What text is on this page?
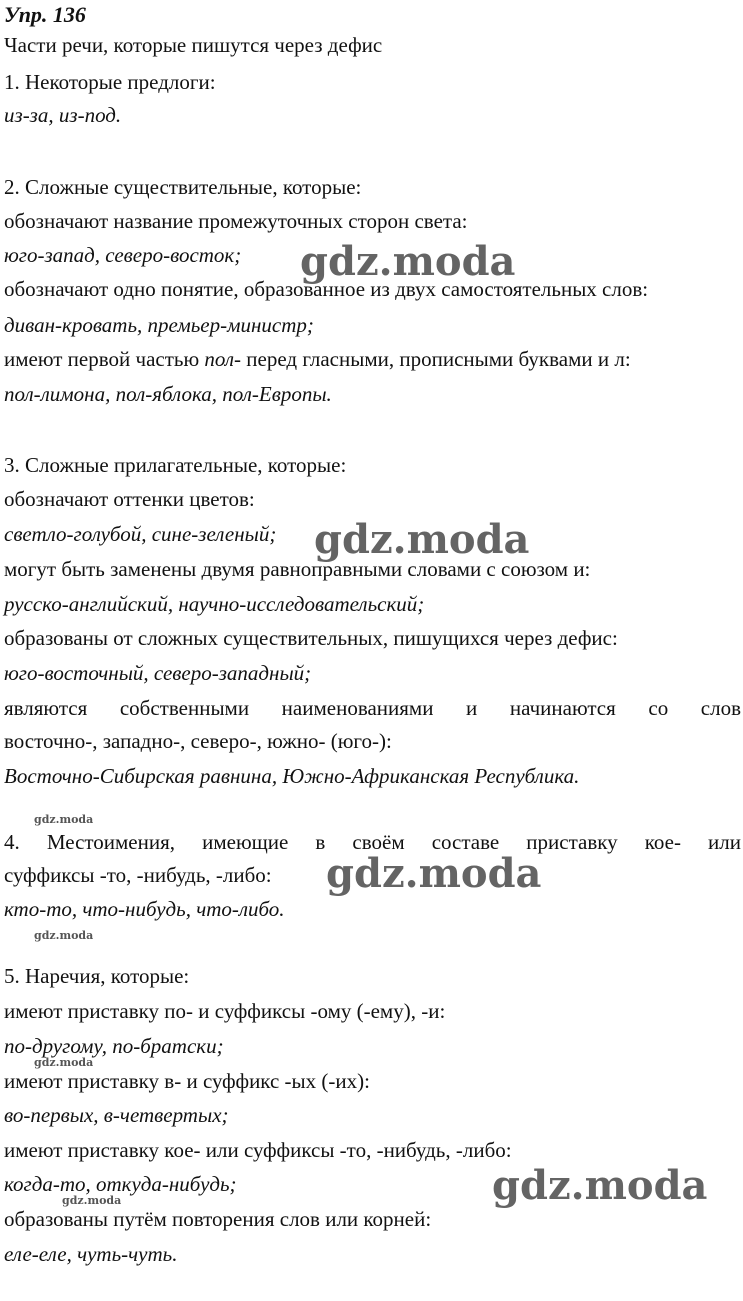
Упр. 136
Части речи, которые пишутся через дефис
1. Некоторые предлоги:
из-за, из-под.
2. Сложные существительные, которые:
обозначают название промежуточных сторон света:
юго-запад, северо-восток;
обозначают одно понятие, образованное из двух самостоятельных слов:
диван-кровать, премьер-министр;
имеют первой частью пол- перед гласными, прописными буквами и л:
пол-лимона, пол-яблока, пол-Европы.
3. Сложные прилагательные, которые:
обозначают оттенки цветов:
светло-голубой, сине-зеленый;
могут быть заменены двумя равноправными словами с союзом и:
русско-английский, научно-исследовательский;
образованы от сложных существительных, пишущихся через дефис:
юго-восточный, северо-западный;
являются собственными наименованиями и начинаются со слов
восточно-, западно-, северо-, южно- (юго-):
Восточно-Сибирская равнина, Южно-Африканская Республика.
4. Местоимения, имеющие в своём составе приставку кое- или
суффиксы -то, -нибудь, -либо:
кто-то, что-нибудь, что-либо.
5. Наречия, которые:
имеют приставку по- и суффиксы -ому (-ему), -и:
по-другому, по-братски;
имеют приставку в- и суффикс -ых (-их):
во-первых, в-четвертых;
имеют приставку кое- или суффиксы -то, -нибудь, -либо:
когда-то, откуда-нибудь;
образованы путём повторения слов или корней:
еле-еле, чуть-чуть.
gdz.moda
gdz.moda
gdz.moda
gdz.moda
gdz.moda
gdz.moda
gdz.moda
gdz.moda
